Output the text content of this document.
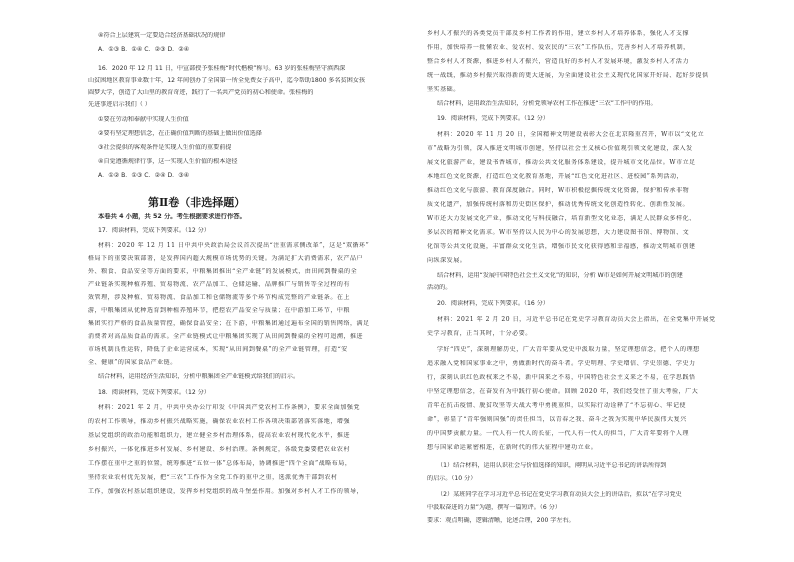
④符合上层建筑一定要适合经济基础状况的规律
A．①③ B．①④ C．②③ D．②④
16．2020 年 12 月 11 日，中宣部授予张桂梅“时代楷模”称号。63 岁的张桂梅坚守滇西深
山贫困地区教育事业数十年，12 年间创办了全国第一所全免费女子高中，迄今帮助1800 多名贫困女孩
圆梦大学，创造了大山里的教育奇迹，践行了一名共产党员的初心和使命。张桂梅的
先进事迹启示我们（ ）
①要在劳动和奉献中实现人生价值
②要有坚定理想信念，在正确价值判断的基础上做出价值选择
③社会提供的客观条件是实现人生价值的重要前提
④自觉遵循规律行事，这一实现人生价值的根本途径
A．①② B．①③ C．②④ D．③④
第Ⅱ卷（非选择题）
本卷共 4 小题，共 52 分。考生根据要求进行作答。
17．阅读材料，完成下列要求。（12 分）
材料：2020 年 12 月 11 日中共中央政治局会议首次提出“注重需求侧改革”，这是“双循环”
格局下的重要决策部署，是发挥国内超大规模市场优势的关键。为满足扩大消费需求，农产品户
外、粮食、食品安全等方面的要求，中粮集团推出“全产业链”的发展模式，由田间到餐桌的全
产业链条实现种植养殖、贸易物流、农产品加工、仓储运输、品牌推广与销售等全过程的有
效管理，涉及种植、贸易物流、食品加工和仓储物流等多个环节构成完整的产业链条。在上
游，中粮集团从优种选育到种植养殖环节，把控农产品安全与质量；在中游加工环节，中粮
集团实行严格的食品质量管控，确保食品安全；在下游，中粮集团通过遍布全国的销售网络，满足
消费者对高品质食品的需求。全产业链模式让中粮集团实现了从田间到餐桌的全程可追溯，推进
市场机制良性运转，降低了企业运营成本，实现“从田间到餐桌”的全产业链管理，打造“安
全、健康”的国家食品产业链。
结合材料，运用经济生活知识，分析中粮集团全产业链模式给我们的启示。
18．阅读材料，完成下列要求。（12 分）
材料：2021 年 2 月，中共中央办公厅印发《中国共产党农村工作条例》，要求全面加强党
的农村工作领导，推动乡村振兴战略实施，确保农业农村工作各项决策部署落实落地，增强
基层党组织的政治功能和组织力，建立健全乡村治理体系，提高农业农村现代化水平，推进
乡村振兴，一体化推进乡村发展、乡村建设、乡村治理。条例规定，各级党委要把农业农村
工作摆在重中之重的位置，统筹推进“五位一体”总体布局，协调推进“四个全面”战略布局，
坚持农业农村优先发展，把“三农”工作作为全党工作的重中之重，选派优秀干部到农村
工作，加强农村基层组织建设，发挥乡村党组织的战斗堡垒作用。加强对乡村人才工作的领导，
乡村人才振兴的各类党员干部及乡村工作者的作用，建立乡村人才培养体系，强化人才支撑
作用，加快培养一批懂农业、爱农村、爱农民的“三农”工作队伍，完善乡村人才培养机制，
整合乡村人才资源，推进乡村人才振兴，营造良好的乡村人才发展环境，激发乡村人才活力
统一战线，推动乡村振兴取得新的更大进展，为全面建设社会主义现代化国家开好局、起好步提供
坚实基础。
结合材料，运用政治生活知识，分析党领导农村工作在推进“三农”工作中的作用。
19．阅读材料，完成下列要求。（12 分）
材料：2020 年 11 月 20 日，全国精神文明建设表彰大会在北京隆重召开，W市以“文化立
市”战略为引领，深入推进文明城市创建，坚持以社会主义核心价值观引领文化建设，深入发
展文化旅游产业，建设书香城市，推动公共文化服务体系建设，提升城市文化品位。W市立足
本地红色文化资源，打造红色文化教育基地，开展“红色文化进社区、进校园”系列活动，
推动红色文化与旅游、教育深度融合。同时，W市积极挖掘传统文化资源，保护和传承非物
质文化遗产，加强传统村落和历史街区保护，推动优秀传统文化创造性转化、创新性发展。
W市还大力发展文化产业，推动文化与科技融合，培育新型文化业态，满足人民群众多样化、
多层次的精神文化需求。W市坚持以人民为中心的发展思想，大力建设图书馆、博物馆、文
化馆等公共文化设施，丰富群众文化生活，增强市民文化获得感和幸福感，推动文明城市创建
向纵深发展。
结合材料，运用“发展中国特色社会主义文化”的知识，分析 W市是如何开展文明城市的创建
活动的。
20．阅读材料，完成下列要求。（16 分）
材料：2021 年 2 月 20 日，习近平总书记在党史学习教育动员大会上指出，在全党集中开展党
史学习教育，正当其时，十分必要。
学好“四史”，深刻理解历史，广大青年要从党史中汲取力量，坚定理想信念，把个人的理想
追求融入党和国家事业之中，勇做新时代的奋斗者。学史明理、学史增信、学史崇德、学史力
行，深刻认识红色政权来之不易，新中国来之不易，中国特色社会主义来之不易，在学思践悟
中坚定理想信念，在奋发有为中践行初心使命。回顾 2020 年，我们经受住了重大考验，广大
青年在抗击疫情、脱贫攻坚等大战大考中勇挑重担，以实际行动诠释了“不忘初心、牢记使
命”，彰显了“青年强则国强”的责任担当，以青春之我、奋斗之我为实现中华民族伟大复兴
的中国梦贡献力量。一代人有一代人的长征，一代人有一代人的担当，广大青年要将个人理
想与国家命运紧密相连，在新时代的伟大征程中建功立业。
（1）结合材料，运用认识社会与价值选择的知识，阐明从习近平总书记的讲话所得到
的启示。（10 分）
（2）某班同学在学习习近平总书记在党史学习教育动员大会上的讲话后，拟以“在学习党史
中汲取奋进的力量”为题，撰写一篇短评。（6 分）
要求：观点明确，逻辑清晰，论述合理，200 字左右。
